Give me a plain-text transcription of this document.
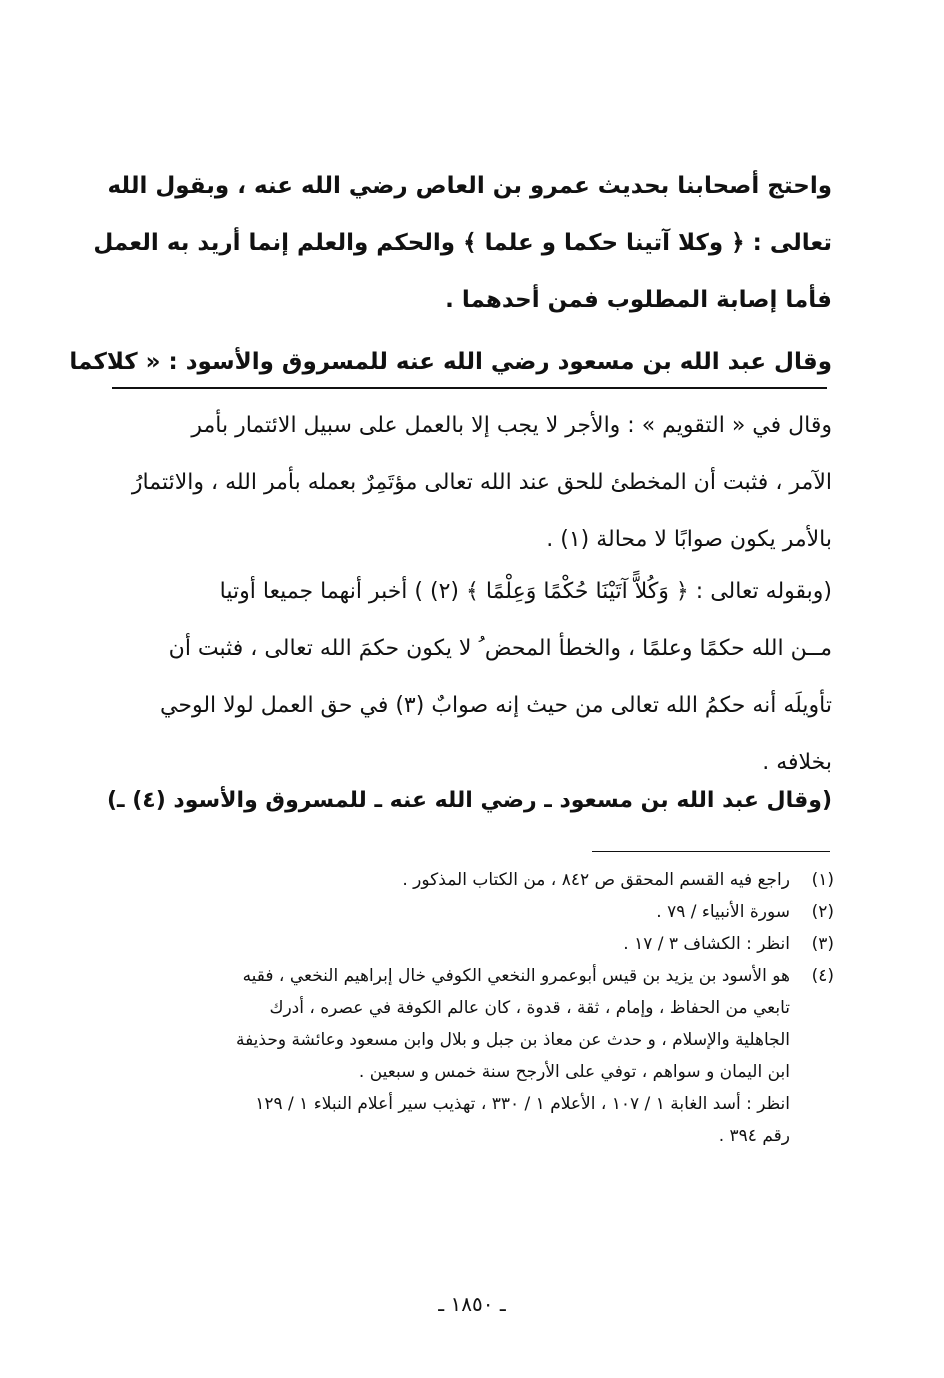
واحتج أصحابنا بحديث عمرو بن العاص رضي الله عنه ، وبقول الله
تعالى : ﴿ وكلا آتينا حكما و علما ﴾ والحكم والعلم إنما أريد به العمل
فأما إصابة المطلوب فمن أحدهما .
وقال عبد الله بن مسعود رضي الله عنه للمسروق والأسود : « كلاكما
وقال في « التقويم » : والأجر لا يجب إلا بالعمل على سبيل الائتمار بأمر
الآمر ، فثبت أن المخطئ للحق عند الله تعالى مؤتَمِرٌ بعمله بأمر الله ، والائتمارُ
بالأمر يكون صوابًا لا محالة (١) .
(وبقوله تعالى : ﴿ وَكُلاًّ آتَيْنَا حُكْمًا وَعِلْمًا ﴾ (٢) ) أخبر أنهما جميعا أوتيا
مــن الله حكمًا وعلمًا ، والخطأ المحض ُ لا يكون حكمَ الله تعالى ، فثبت أن
تأويلَه أنه حكمُ الله تعالى من حيث إنه صوابٌ (٣) في حق العمل لولا الوحي
بخلافه .
(وقال عبد الله بن مسعود ـ رضي الله عنه ـ للمسروق والأسود (٤) ـ)
(١)
راجع فيه القسم المحقق ص ٨٤٢ ، من الكتاب المذكور .
(٢)
سورة الأنبياء / ٧٩ .
(٣)
انظر : الكشاف ٣ / ١٧ .
(٤)
هو الأسود بن يزيد بن قيس أبوعمرو النخعي الكوفي خال إبراهيم النخعي ، فقيه
تابعي من الحفاظ ، وإمام ، ثقة ، قدوة ، كان عالم الكوفة في عصره ، أدرك
الجاهلية والإسلام ، و حدث عن معاذ بن جبل و بلال وابن مسعود وعائشة وحذيفة
ابن اليمان و سواهم ، توفي على الأرجح سنة خمس و سبعين .
انظر : أسد الغابة ١ / ١٠٧ ، الأعلام ١ / ٣٣٠ ، تهذيب سير أعلام النبلاء ١ / ١٢٩
رقم ٣٩٤ .
ـ ١٨٥٠ ـ
